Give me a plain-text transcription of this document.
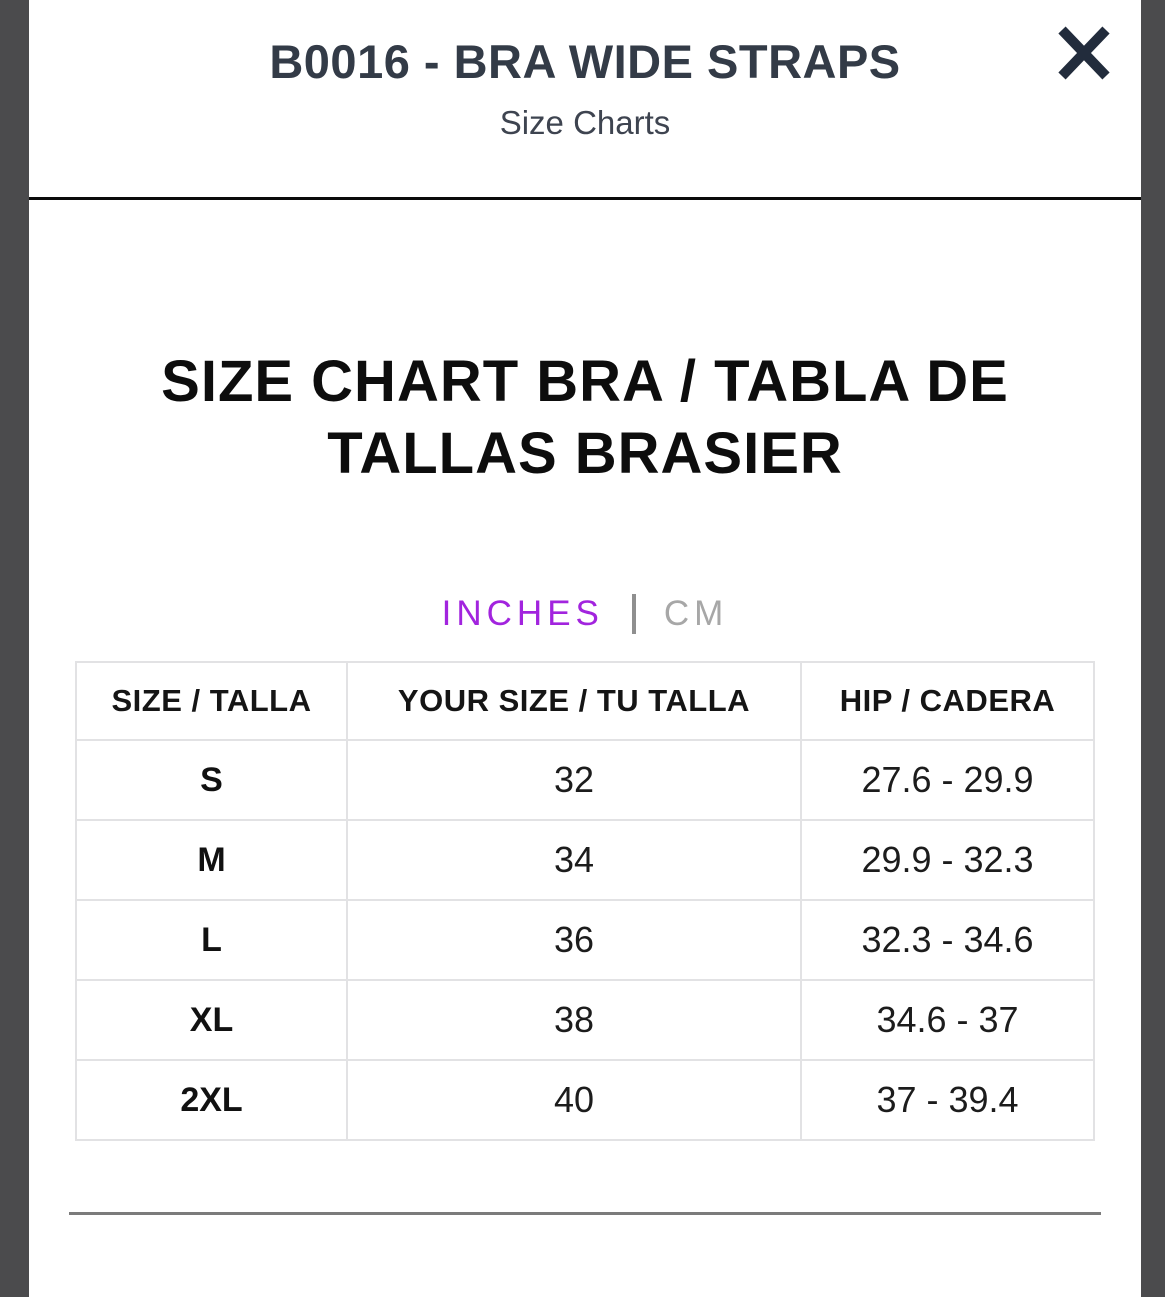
B0016 - BRA WIDE STRAPS
Size Charts
SIZE CHART BRA / TABLA DE
TALLAS BRASIER
INCHES CM
SIZE / TALLA	YOUR SIZE / TU TALLA	HIP / CADERA
S	32	27.6 - 29.9
M	34	29.9 - 32.3
L	36	32.3 - 34.6
XL	38	34.6 - 37
2XL	40	37 - 39.4
